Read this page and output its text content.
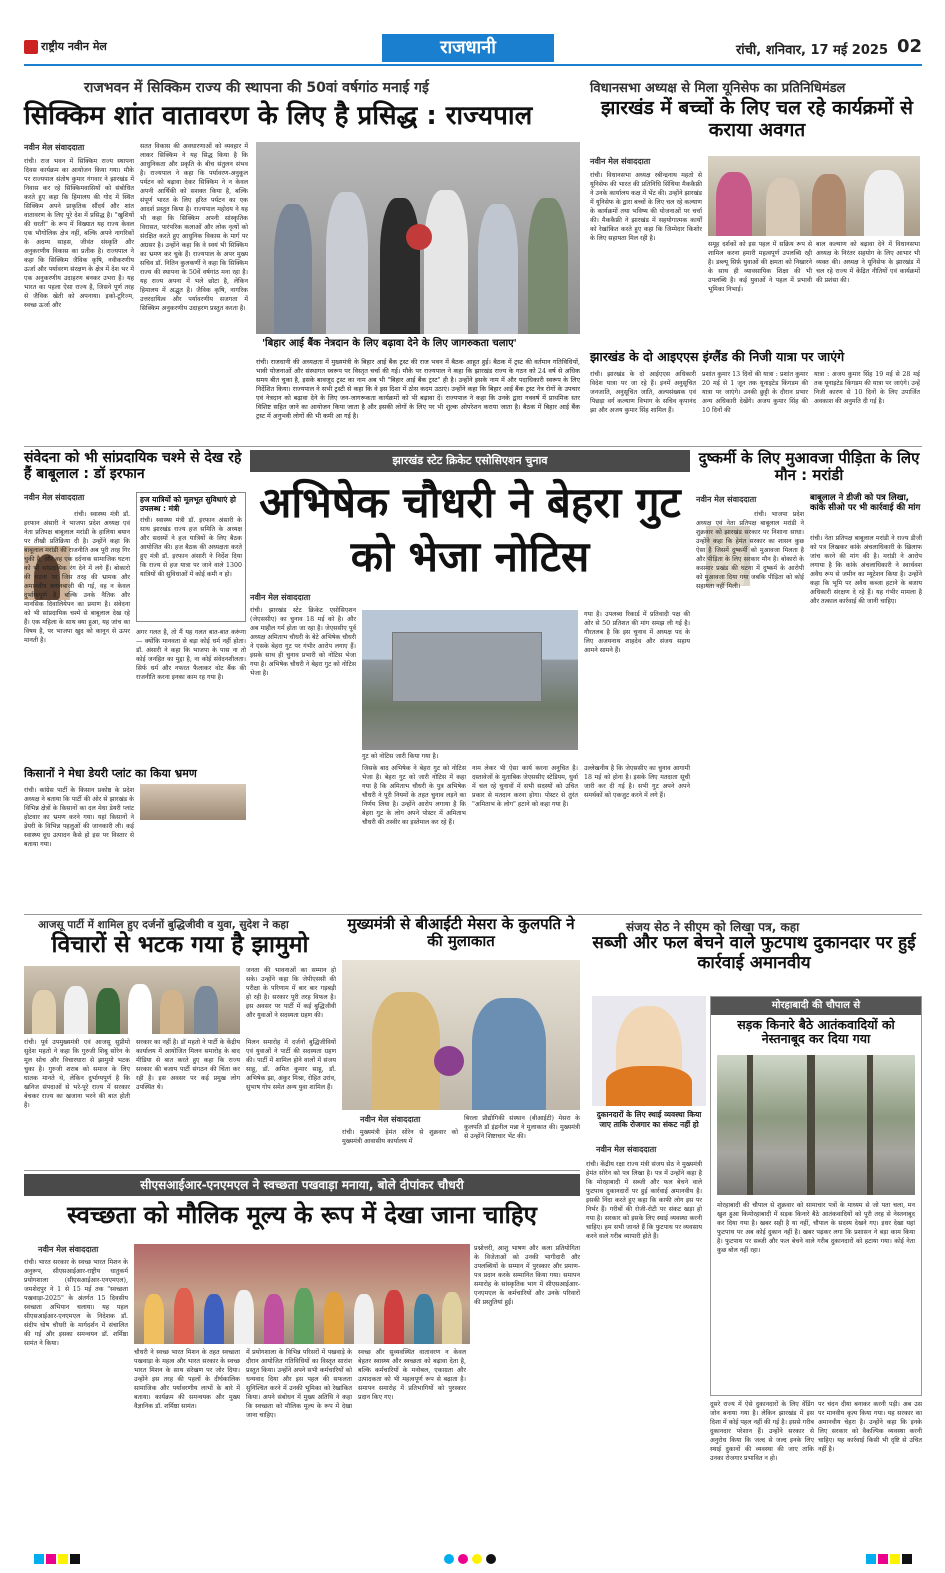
राष्ट्रीय नवीन मेल	राजधानी	रांची, शनिवार, 17 मई 2025 02
राजभवन में सिक्किम राज्य की स्थापना की 50वां वर्षगांठ मनाई गई
सिक्किम शांत वातावरण के लिए है प्रसिद्ध : राज्यपाल
नवीन मेल संवाददाता
रांची। राज भवन में सिक्किम राज्य स्थापना दिवस कार्यक्रम का आयोजन किया गया। मौके पर राज्यपाल संतोष कुमार गंगवार ने झारखंड में निवास कर रहे सिक्किमवासियों को संबोधित करते हुए कहा कि हिमालय की गोद में स्थित सिक्किम अपने प्राकृतिक सौंदर्य और शांत वातावरण के लिए पूरे देश में प्रसिद्ध है। "खुशियों की धरती" के रूप में विख्यात यह राज्य केवल एक भौगोलिक क्षेत्र नहीं, बल्कि अपने नागरिकों के अदम्य साहस, जीवंत संस्कृति और अनुकरणीय विकास का प्रतीक है। राज्यपाल ने कहा कि सिक्किम जैविक कृषि, नवीकरणीय ऊर्जा और पर्यावरण संरक्षण के क्षेत्र में देश भर में एक अनुकरणीय उदाहरण बनकर उभरा है। यह भारत का पहला ऐसा राज्य है, जिसने पूर्ण तरह से जैविक खेती को अपनाया। इको-टूरिज्म, स्वच्छ ऊर्जा और
सतत विकास की अवधारणाओं को व्यवहार में लाकर सिक्किम ने यह सिद्ध किया है कि आधुनिकता और प्रकृति के बीच संतुलन संभव है। राज्यपाल ने कहा कि पर्यावरण-अनुकूल पर्यटन को बढ़ावा देकर सिक्किम ने न केवल अपनी आर्थिकी को सशक्त किया है, बल्कि संपूर्ण भारत के लिए हरित पर्यटन का एक आदर्श प्रस्तुत किया है। राज्यपाल महोदय ने यह भी कहा कि सिक्किम अपनी सांस्कृतिक विरासत, पारंपरिक कलाओं और लोक नृत्यों को संरक्षित करते हुए आधुनिक विकास के मार्ग पर अग्रसर है। उन्होंने कहा कि वे स्वयं भी सिक्किम का भ्रमण कर चुके हैं। राज्यपाल के अपर मुख्य सचिव डॉ. नितिन कुलकर्णी ने कहा कि सिक्किम राज्य की स्थापना के 50वें वर्षगांठ मना रहा है। यह राज्य अपना में भले छोटा है, लेकिन हिमालय में अद्भुत है। जैविक कृषि, नागरिक उत्तरदायित्व और पर्यावरणीय सजगता में सिक्किम अनुकरणीय उदाहरण प्रस्तुत करता है।
'बिहार आई बैंक नेत्रदान के लिए बढ़ावा देने के लिए जागरुकता चलाए'
रांची। राजधानी की अध्यक्षता में मुख्यमंत्री के बिहार आई बैंक ट्रस्ट की राज भवन में बैठक आहूत हुई। बैठक में ट्रस्ट की वर्तमान गतिविधियों, भावी योजनाओं और संस्थागत स्वरूप पर विस्तृत चर्चा की गई। मौके पर राज्यपाल ने कहा कि झारखंड राज्य के गठन को 24 वर्ष से अधिक समय बीत चुका है, इसके बावजूद ट्रस्ट का नाम अब भी "बिहार आई बैंक ट्रस्ट" ही है। उन्होंने इसके नाम में और पदाधिकारी स्वरूप के लिए निर्देशित किया। राज्यपाल ने सभी ट्रस्टी से कहा कि वे इस दिशा में ठोस कदम उठाएं। उन्होंने कहा कि बिहार आई बैंक ट्रस्ट नेत्र रोगों के उपचार एवं नेत्रदान को बढ़ावा देने के लिए जन-जागरूकता कार्यक्रमों को भी बढ़ावा दें। राज्यपाल ने कहा कि उनके द्वारा नववर्ष में प्राथमिक स्तर विशिष्ट सहित जाने का आयोजन किया जाता है और इसकी लोगों के लिए पर भी शुल्क ओपरेशन कराया जाता है। बैठक में बिहार आई बैंक ट्रस्ट में अनुभवी लोगों की भी कमी आ गई है।
विधानसभा अध्यक्ष से मिला यूनिसेफ का प्रतिनिधिमंडल
झारखंड में बच्चों के लिए चल रहे कार्यक्रमों से कराया अवगत
नवीन मेल संवाददाता
रांची। विधानसभा अध्यक्ष रबीन्द्रनाथ महतो से यूनिसेफ की भारत की प्रतिनिधि सिंथिया मैककैफ्री ने उनके कार्यालय कक्ष में भेंट की। उन्होंने झारखंड में यूनिसेफ के द्वारा बच्चों के लिए चल रहे कल्याण के कार्यक्रमों तथा भविष्य की योजनाओं पर चर्चा की। मैककैफ्री ने झारखंड में सहयोगात्मक कार्यों को रेखांकित करते हुए कहा कि जिम्मेदार किशोर के लिए सहायता मिल रही है।
समूह दर्शकों को इस पहल में सक्रिय रूप से शामिल करना हमारी महत्वपूर्ण उपलब्धि रही है। डब्ल्यू सिर्फ़ युवाओं की क्षमता को निखारने के साथ ही व्यावसायिक शिक्षा की भी उपलब्धि है। कई युवाओं ने पहल में प्रभावी भूमिका निभाई।
बाल कल्याण को बढ़ावा देने में विधानसभा अध्यक्ष के निरंतर सहयोग के लिए आभार भी व्यक्त की। अध्यक्ष ने यूनिसेफ के झारखंड में चल रहे राज्य में केंद्रित नीतियों एवं कार्यक्रमों की प्रशंसा की।
झारखंड के दो आइएएस इंग्लैंड की निजी यात्रा पर जाएंगे
रांची। झारखंड के दो आईएएस अधिकारी विदेश यात्रा पर जा रहे हैं। इनमें अनुसूचित जनजाति, अनुसूचित जाति, अल्पसंख्यक एवं पिछड़ा वर्ग कल्याण विभाग के सचिव कृपानंद झा और अजय कुमार सिंह शामिल हैं।
प्रशांत कुमार 13 दिनों की यात्रा : प्रशांत कुमार 20 मई से 1 जून तक यूनाइटेड किंगडम की यात्रा पर जाएंगे। उनकी छुट्टी के दौरान प्रभार अन्य अधिकारी देखेंगे। अजय कुमार सिंह की 10 दिनों की
यात्रा : अजय कुमार सिंह 19 मई से 28 मई तक यूनाइटेड किंगडम की यात्रा पर जाएंगे। उन्हें निजी कारण से 10 दिनों के लिए उपार्जित अवकाश की अनुमति दी गई है।
संवेदना को भी सांप्रदायिक चश्मे से देख रहे हैं बाबूलाल : डॉ इरफान
नवीन मेल संवाददाता
रांची। स्वास्थ्य मंत्री डॉ. इरफान अंसारी ने भाजपा प्रदेश अध्यक्ष एवं नेता प्रतिपक्ष बाबूलाल मरांडी के हालिया बयान पर तीखी प्रतिक्रिया दी है। उन्होंने कहा कि बाबूलाल मरांडी की राजनीति अब पूरी तरह गिर चुकी है, और वह एक दर्दनाक सामाजिक घटना को भी सांप्रदायिक रंग देने में लगे हैं। बोकारो की घटना पर जिस तरह की भ्रामक और अमानवीय बयानबाजी की गई, वह न केवल दुर्भाग्यपूर्ण है, बल्कि उनके नैतिक और मानसिक दिवालियेपन का प्रमाण है। संवेदना को भी सांप्रदायिक चश्मे से बाबूलाल देख रहे हैं। एक महिला के साथ क्या हुआ, यह जांच का विषय है, पर भाजपा खुद को कानून से ऊपर मानती है।
हज यात्रियों को मूलभूत सुविधाएं हो उपलब्ध : मंत्री
रांची। स्वास्थ्य मंत्री डॉ. इरफान अंसारी के साथ झारखंड राज्य हज समिति के अध्यक्ष और सदस्यों ने हज यात्रियों के लिए बैठक आयोजित की। हज बैठक की अध्यक्षता करते हुए मंत्री डॉ. इरफान अंसारी ने निर्देश दिया कि राज्य से हज यात्रा पर जाने वाले 1300 यात्रियों की सुविधाओं में कोई कमी न हो।
अगर गलत है, तो मैं यह गलत बात-बात करूंगा — क्योंकि मानवता से बड़ा कोई धर्म नहीं होता। डॉ. अंसारी ने कहा कि भाजपा के पास ना तो कोई जनहित का मुद्दा है, ना कोई संवेदनशीलता। सिर्फ धर्म और नफरत फैलाकर वोट बैंक की राजनीति करना इनका काम रह गया है।
किसानों ने मेधा डेयरी प्लांट का किया भ्रमण
रांची। कांग्रेस पार्टी के किसान प्रकोष्ठ के प्रदेश अध्यक्ष ने बताया कि पार्टी की ओर से झारखंड के विभिन्न क्षेत्रों के किसानों का दल मेधा डेयरी प्लांट होटवार का भ्रमण करने गया। यहां किसानों ने डेयरी के विभिन्न पहलुओं की जानकारी ली। कई स्वास्थ्य दूध उत्पादन कैसे हो इस पर विस्तार से बताया गया।
झारखंड स्टेट क्रिकेट एसोसिएशन चुनाव
अभिषेक चौधरी ने बेहरा गुट को भेजा नोटिस
नवीन मेल संवाददाता
रांची। झारखंड स्टेट क्रिकेट एसोसिएशन (जेएससीए) का चुनाव 18 मई को है। और अब माहौल गर्म होता जा रहा है। जेएससीए पूर्व अध्यक्ष अमिताभ चौधरी के बेटे अभिषेक चौधरी ने एसके बेहरा गुट पर गंभीर आरोप लगाए हैं। इसके साथ ही चुनाव प्रभारी को नोटिस भेजा गया है। अभिषेक चौधरी ने बेहरा गुट को नोटिस भेजा है।
गुट को नोटिस जारी किया गया है।
जिसके बाद अभिषेक ने बेहरा गुट को नोटिस भेजा है। बेहरा गुट को जारी नोटिस में कहा गया है कि अमिताभ चौधरी के पुत्र अभिषेक चौधरी ने पूरी नियमों के तहत चुनाव लड़ने का निर्णय लिया है। उन्होंने आरोप लगाया है कि बेहरा गुट के लोग अपने पोस्टर में अमिताभ चौधरी की तस्वीर का इस्तेमाल कर रहे हैं।
नाम लेकर भी ऐसा कार्य करना अनुचित है। दस्तावेजों के मुताबिक जेएससीए स्टेडियम, धुर्वा में चल रहे चुनावों में सभी सदस्यों को उचित प्रकार से मतदान करना होगा। पोस्टर से तुरंत "अमिताभ के लोग" हटाने को कहा गया है।
गया है। उपलब्ध रिकार्ड में प्रतिवादी पक्ष की ओर से 50 प्रतिशत की मांग समझ ली गई है। गौरतलब है कि इस चुनाव में अध्यक्ष पद के लिए अजयनाथ शाहदेव और संजय सहाय आमने सामने हैं।
उल्लेखनीय है कि जेएससीए का चुनाव आगामी 18 मई को होना है। इसके लिए मतदाता सूची जारी कर दी गई है। सभी गुट अपने अपने समर्थकों को एकजुट करने में लगे हैं।
दुष्कर्मी के लिए मुआवजा पीड़िता के लिए मौन : मरांडी
नवीन मेल संवाददाता
रांची। भाजपा प्रदेश अध्यक्ष एवं नेता प्रतिपक्ष बाबूलाल मरांडी ने शुक्रवार को झारखंड सरकार पर निशाना साधा। उन्होंने कहा कि हेमंत सरकार का शासन कुछ ऐसा है जिसमें दुष्कर्मी को मुआवजा मिलता है और पीड़िता के लिए सरकार मौन है। बोकारो के कसमार प्रखंड की घटना में दुष्कर्म के आरोपी को मुआवजा दिया गया जबकि पीड़िता को कोई सहायता नहीं मिली।
बाबूलाल ने डीजी को पत्र लिखा, कांके सीओ पर भी कार्रवाई की मांग
रांची। नेता प्रतिपक्ष बाबूलाल मरांडी ने राज्य डीजी को पत्र लिखकर कांके अंचलाधिकारी के खिलाफ जांच करने की मांग की है। मरांडी ने आरोप लगाया है कि कांके अंचलाधिकारी ने स्वार्थवश अवैध रूप से जमीन का म्यूटेशन किया है। उन्होंने कहा कि भूमि पर अवैध कब्जा हटाने के बजाय अधिकारी संरक्षण दे रहे हैं। यह गंभीर मामला है और तत्काल कार्रवाई की जानी चाहिए।
आजसू पार्टी में शामिल हुए दर्जनों बुद्धिजीवी व युवा, सुदेश ने कहा
विचारों से भटक गया है झामुमो
रांची। पूर्व उपमुख्यमंत्री एवं आजसू सुप्रीमो सुदेश महतो ने कहा कि गुरुजी शिबू सोरेन के मूल सोच और विचारधारा से झामुमो भटक चुका है। गुरुजी शराब को समाज के लिए घातक मानते थे, लेकिन दुर्भाग्यपूर्ण है कि खनिज संपदाओं से भरे-पूरे राज्य में सरकार बेचकर राज्य का खजाना भरने की बात होती है।
सरकार का नहीं है। डॉ महतो ने पार्टी के केंद्रीय कार्यालय में आयोजित मिलन समारोह के बाद मीडिया से बात करते हुए कहा कि राज्य सरकार की बजाय पार्टी संगठन की चिंता कर रही है। इस अवसर पर कई प्रमुख लोग उपस्थित थे।
जनता की भावनाओं का सम्मान हो सके। उन्होंने कहा कि जेपीएससी की परीक्षा के परिणाम में बार बार गड़बड़ी हो रही है। सरकार पूरी तरह विफल है। इस अवसर पर पार्टी में कई बुद्धिजीवी और युवाओं ने सदस्यता ग्रहण की।
मिलन समारोह में दर्जनों बुद्धिजीवियों एवं युवाओं ने पार्टी की सदस्यता ग्रहण की। पार्टी में शामिल होने वालों में संजय साहू, डॉ. अमित कुमार साहू, डॉ. अभिषेक झा, अंकुर मिश्रा, रोहित उरांव, सुभाष गोप समेत अन्य युवा शामिल हैं।
मुख्यमंत्री से बीआईटी मेसरा के कुलपति ने की मुलाकात
नवीन मेल संवाददाता
रांची। मुख्यमंत्री हेमंत सोरेन से शुक्रवार को मुख्यमंत्री आवासीय कार्यालय में
बिरला प्रौद्योगिकी संस्थान (बीआईटी) मेसरा के कुलपति डॉ इंद्रनील मन्ना ने मुलाकात की। मुख्यमंत्री से उन्होंने शिष्टाचार भेंट की।
संजय सेठ ने सीएम को लिखा पत्र, कहा
सब्जी और फल बेचने वाले फुटपाथ दुकानदार पर हुई कार्रवाई अमानवीय
दुकानदारों के लिए स्थाई व्यवस्था किया जाए ताकि रोजगार का संकट नहीं हो
नवीन मेल संवाददाता
रांची। केंद्रीय रक्षा राज्य मंत्री संजय सेठ ने मुख्यमंत्री हेमंत सोरेन को पत्र लिखा है। पत्र में उन्होंने कहा है कि मोरहाबादी में सब्जी और फल बेचने वाले फुटपाथ दुकानदारों पर हुई कार्रवाई अमानवीय है। इसकी निंदा करते हुए कहा कि काफी लोग इस पर निर्भर हैं। गरीबों की रोजी-रोटी पर संकट खड़ा हो गया है। सरकार को इसके लिए स्थाई व्यवस्था करनी चाहिए। हम सभी जानते हैं कि फुटपाथ पर व्यवसाय करने वाले गरीब व्यापारी होते हैं।
मोरहाबादी की चौपाल से
सड़क किनारे बैठे आतंकवादियों को नेस्तनाबूद कर दिया गया
मोरहाबादी की चौपाल से शुक्रवार को सामाचार पत्रों के माध्यम से जो पता चला, मन खुश हुआ किमोरहाबादी में सड़क किनारे बैठे आतंकवादियों को पूरी तरह से नेस्तनाबूद कर दिया गया है। खबर सही है या नहीं, चौपाल के सदस्य देखने गए। इधर देखा यहां फुटपाथ पर अब कोई दुकान नहीं है। खबर पढ़कर लगा कि प्रशासन ने बड़ा काम किया है। फुटपाथ पर सब्जी और फल बेचने वाले गरीब दुकानदारों को हटाया गया। कोई नेता कुछ बोल नहीं रहा।
दूसरे राज्य में ऐसे दुकानदारों के लिए वेंडिंग जोन बनाया गया है। लेकिन झारखंड में इस दिशा में कोई पहल नहीं की गई है। इससे गरीब दुकानदार परेशान हैं। उन्होंने सरकार से अनुरोध किया कि जल्द से जल्द इनके लिए स्थाई दुकानों की व्यवस्था की जाए ताकि उनका रोजगार प्रभावित न हो।
पर चंदन दीया बनाकर करनी पड़ी। अब उस पर मानवीय कृत्य किया गया। यह सरकार का अमानवीय चेहरा है। उन्होंने कहा कि इनके लिए सरकार को वैकल्पिक व्यवस्था करनी चाहिए। यह कार्रवाई किसी भी दृष्टि से उचित नहीं है।
सीएसआईआर-एनएमएल ने स्वच्छता पखवाड़ा मनाया, बोले दीपांकर चौधरी
स्वच्छता को मौलिक मूल्य के रूप में देखा जाना चाहिए
नवीन मेल संवाददाता
रांची। भारत सरकार के स्वच्छ भारत मिशन के अनुरूप, सीएसआईआर-राष्ट्रीय धातुकर्म प्रयोगशाला (सीएसआईआर-एनएमएल), जमशेदपुर ने 1 से 15 मई तक "स्वच्छता पखवाड़ा-2025" के अंतर्गत 15 दिवसीय स्वच्छता अभियान चलाया। यह पहल सीएसआईआर-एनएमएल के निदेशक डॉ. संदीप घोष चौधरी के मार्गदर्शन में संचालित की गई और इसका समन्वयन डॉ. शर्मिष्ठा सामंत ने किया।
चौधरी ने स्वच्छ भारत मिशन के तहत स्वच्छता पखवाड़ा के महत्व और भारत सरकार के स्वच्छ भारत मिशन के साथ संरेखण पर जोर दिया। उन्होंने इस तरह की पहलों के दीर्घकालिक सामाजिक और पर्यावरणीय लाभों के बारे में बताया। कार्यक्रम की समन्वयक और मुख्य वैज्ञानिक डॉ. शर्मिष्ठा सामंत।
में प्रयोगशाला के विभिन्न परिसरों में पखवाड़े के दौरान आयोजित गतिविधियों का विस्तृत सारांश प्रस्तुत किया। उन्होंने अपने सभी कर्मचारियों को धन्यवाद दिया और इस पहल की सफलता सुनिश्चित करने में उनकी भूमिका को रेखांकित किया। अपने संबोधन में मुख्य अतिथि ने कहा कि स्वच्छता को मौलिक मूल्य के रूप में देखा जाना चाहिए।
स्वच्छ और सुव्यवस्थित वातावरण न केवल बेहतर स्वास्थ्य और स्वच्छता को बढ़ावा देता है, बल्कि कर्मचारियों के मनोबल, एकाग्रता और उत्पादकता को भी महत्वपूर्ण रूप से बढ़ाता है। समापन समारोह में प्रतिभागियों को पुरस्कार प्रदान किए गए।
प्रश्नोत्तरी, आशु भाषण और कला प्रतियोगिता के विजेताओं को उनकी भागीदारी और उपलब्धियों के सम्मान में पुरस्कार और प्रमाण-पत्र प्रदान करके सम्मानित किया गया। समापन समारोह के सांस्कृतिक भाग में सीएसआईआर-एनएमएल के कर्मचारियों और उनके परिवारों की प्रस्तुतियां हुईं।
